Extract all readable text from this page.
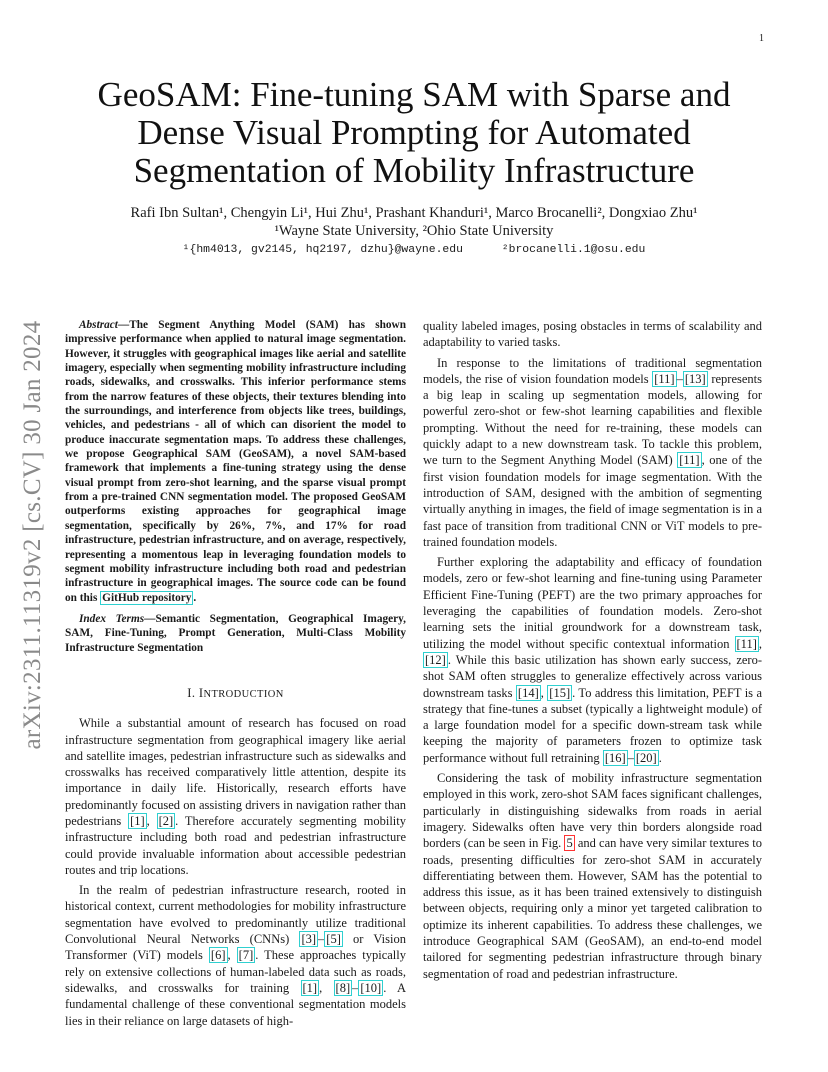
1
arXiv:2311.11319v2 [cs.CV] 30 Jan 2024
GeoSAM: Fine-tuning SAM with Sparse and Dense Visual Prompting for Automated Segmentation of Mobility Infrastructure
Rafi Ibn Sultan¹, Chengyin Li¹, Hui Zhu¹, Prashant Khanduri¹, Marco Brocanelli², Dongxiao Zhu¹
¹Wayne State University, ²Ohio State University
¹{hm4013, gv2145, hq2197, dzhu}@wayne.edu	²brocanelli.1@osu.edu

Abstract—The Segment Anything Model (SAM) has shown impressive performance when applied to natural image segmentation. However, it struggles with geographical images like aerial and satellite imagery, especially when segmenting mobility infrastructure including roads, sidewalks, and crosswalks. This inferior performance stems from the narrow features of these objects, their textures blending into the surroundings, and interference from objects like trees, buildings, vehicles, and pedestrians - all of which can disorient the model to produce inaccurate segmentation maps. To address these challenges, we propose Geographical SAM (GeoSAM), a novel SAM-based framework that implements a fine-tuning strategy using the dense visual prompt from zero-shot learning, and the sparse visual prompt from a pre-trained CNN segmentation model. The proposed GeoSAM outperforms existing approaches for geographical image segmentation, specifically by 26%, 7%, and 17% for road infrastructure, pedestrian infrastructure, and on average, respectively, representing a momentous leap in leveraging foundation models to segment mobility infrastructure including both road and pedestrian infrastructure in geographical images. The source code can be found on this GitHub repository .

Index Terms—Semantic Segmentation, Geographical Imagery, SAM, Fine-Tuning, Prompt Generation, Multi-Class Mobility Infrastructure Segmentation

I. INTRODUCTION

While a substantial amount of research has focused on road infrastructure segmentation from geographical imagery like aerial and satellite images, pedestrian infrastructure such as sidewalks and crosswalks has received comparatively little attention, despite its importance in daily life. Historically, research efforts have predominantly focused on assisting drivers in navigation rather than pedestrians [1] , [2] . Therefore accurately segmenting mobility infrastructure including both road and pedestrian infrastructure could provide invaluable information about accessible pedestrian routes and trip locations.

In the realm of pedestrian infrastructure research, rooted in historical context, current methodologies for mobility infrastructure segmentation have evolved to predominantly utilize traditional Convolutional Neural Networks (CNNs) [3] – [5] or Vision Transformer (ViT) models [6] , [7] . These approaches typically rely on extensive collections of human-labeled data such as roads, sidewalks, and crosswalks for training [1] , [8] – [10] . A fundamental challenge of these conventional segmentation models lies in their reliance on large datasets of high-

quality labeled images, posing obstacles in terms of scalability and adaptability to varied tasks.

In response to the limitations of traditional segmentation models, the rise of vision foundation models [11] – [13] represents a big leap in scaling up segmentation models, allowing for powerful zero-shot or few-shot learning capabilities and flexible prompting. Without the need for re-training, these models can quickly adapt to a new downstream task. To tackle this problem, we turn to the Segment Anything Model (SAM) [11] , one of the first vision foundation models for image segmentation. With the introduction of SAM, designed with the ambition of segmenting virtually anything in images, the field of image segmentation is in a fast pace of transition from traditional CNN or ViT models to pre-trained foundation models.

Further exploring the adaptability and efficacy of foundation models, zero or few-shot learning and fine-tuning using Parameter Efficient Fine-Tuning (PEFT) are the two primary approaches for leveraging the capabilities of foundation models. Zero-shot learning sets the initial groundwork for a downstream task, utilizing the model without specific contextual information [11] , [12] . While this basic utilization has shown early success, zero-shot SAM often struggles to generalize effectively across various downstream tasks [14] , [15] . To address this limitation, PEFT is a strategy that fine-tunes a subset (typically a lightweight module) of a large foundation model for a specific down-stream task while keeping the majority of parameters frozen to optimize task performance without full retraining [16] – [20] .

Considering the task of mobility infrastructure segmentation employed in this work, zero-shot SAM faces significant challenges, particularly in distinguishing sidewalks from roads in aerial imagery. Sidewalks often have very thin borders alongside road borders (can be seen in Fig. 5 and can have very similar textures to roads, presenting difficulties for zero-shot SAM in accurately differentiating between them. However, SAM has the potential to address this issue, as it has been trained extensively to distinguish between objects, requiring only a minor yet targeted calibration to optimize its inherent capabilities. To address these challenges, we introduce Geographical SAM (GeoSAM), an end-to-end model tailored for segmenting pedestrian infrastructure through binary segmentation of road and pedestrian infrastructure.
